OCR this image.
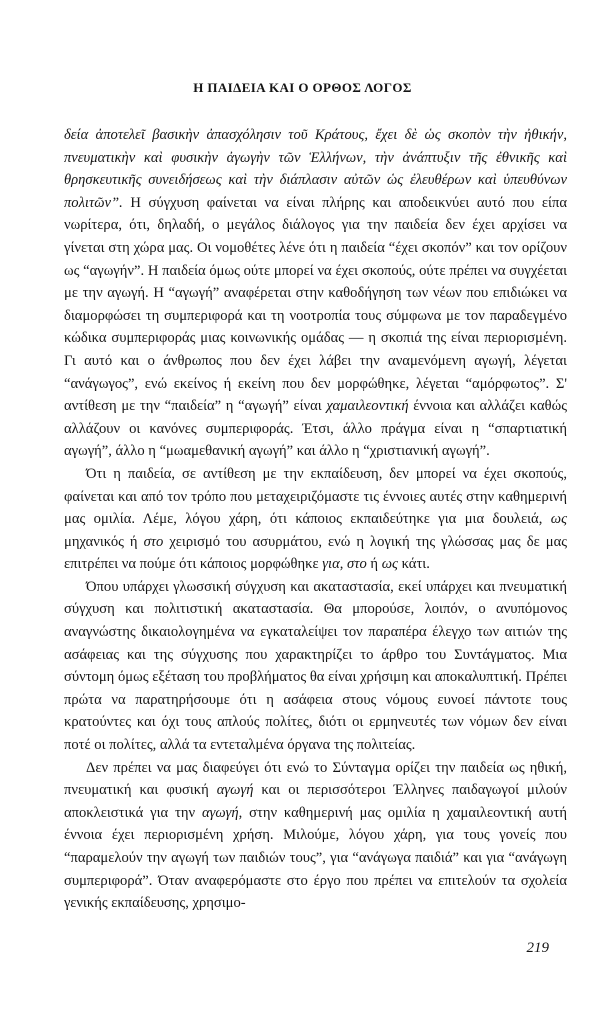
Η ΠΑΙΔΕΙΑ ΚΑΙ Ο ΟΡΘΟΣ ΛΟΓΟΣ

δεία ἀποτελεῖ βασικὴν ἀπασχόλησιν τοῦ Κράτους, ἔχει δὲ ὡς σκοπὸν τὴν ἠθικήν, πνευματικὴν καὶ φυσικὴν ἀγωγὴν τῶν Ἑλλήνων, τὴν ἀνάπτυξιν τῆς ἐθνικῆς καὶ θρησκευτικῆς συνειδήσεως καὶ τὴν διάπλασιν αὐτῶν ὡς ἐλευθέρων καὶ ὑπευθύνων πολιτῶν”. Η σύγχυση φαίνεται να είναι πλήρης και αποδεικνύει αυτό που είπα νωρίτερα, ότι, δηλαδή, ο μεγάλος διάλογος για την παιδεία δεν έχει αρχίσει να γίνεται στη χώρα μας. Οι νομοθέτες λένε ότι η παιδεία “έχει σκοπόν” και τον ορίζουν ως “αγωγήν”. Η παιδεία όμως ούτε μπορεί να έχει σκοπούς, ούτε πρέπει να συγχέεται με την αγωγή. Η “αγωγή” αναφέρεται στην καθοδήγηση των νέων που επιδιώκει να διαμορφώσει τη συμπεριφορά και τη νοοτροπία τους σύμφωνα με τον παραδεγμένο κώδικα συμπεριφοράς μιας κοινωνικής ομάδας — η σκοπιά της είναι περιορισμένη. Γι αυτό και ο άνθρωπος που δεν έχει λάβει την αναμενόμενη αγωγή, λέγεται “ανάγωγος”, ενώ εκείνος ή εκείνη που δεν μορφώθηκε, λέγεται “αμόρφωτος”. Σ' αντίθεση με την “παιδεία” η “αγωγή” είναι χαμαιλεοντική έννοια και αλλάζει καθώς αλλάζουν οι κανόνες συμπεριφοράς. Έτσι, άλλο πράγμα είναι η “σπαρτιατική αγωγή”, άλλο η “μωαμεθανική αγωγή” και άλλο η “χριστιανική αγωγή”.

Ότι η παιδεία, σε αντίθεση με την εκπαίδευση, δεν μπορεί να έχει σκοπούς, φαίνεται και από τον τρόπο που μεταχειριζόμαστε τις έννοιες αυτές στην καθημερινή μας ομιλία. Λέμε, λόγου χάρη, ότι κάποιος εκπαιδεύτηκε για μια δουλειά, ως μηχανικός ή στο χειρισμό του ασυρμάτου, ενώ η λογική της γλώσσας μας δε μας επιτρέπει να πούμε ότι κάποιος μορφώθηκε για, στο ή ως κάτι.

Όπου υπάρχει γλωσσική σύγχυση και ακαταστασία, εκεί υπάρχει και πνευματική σύγχυση και πολιτιστική ακαταστασία. Θα μπορούσε, λοιπόν, ο ανυπόμονος αναγνώστης δικαιολογημένα να εγκαταλείψει τον παραπέρα έλεγχο των αιτιών της ασάφειας και της σύγχυσης που χαρακτηρίζει το άρθρο του Συντάγματος. Μια σύντομη όμως εξέταση του προβλήματος θα είναι χρήσιμη και αποκαλυπτική. Πρέπει πρώτα να παρατηρήσουμε ότι η ασάφεια στους νόμους ευνοεί πάντοτε τους κρατούντες και όχι τους απλούς πολίτες, διότι οι ερμηνευτές των νόμων δεν είναι ποτέ οι πολίτες, αλλά τα εντεταλμένα όργανα της πολιτείας.

Δεν πρέπει να μας διαφεύγει ότι ενώ το Σύνταγμα ορίζει την παιδεία ως ηθική, πνευματική και φυσική αγωγή και οι περισσότεροι Έλληνες παιδαγωγοί μιλούν αποκλειστικά για την αγωγή, στην καθημερινή μας ομιλία η χαμαιλεοντική αυτή έννοια έχει περιορισμένη χρήση. Μιλούμε, λόγου χάρη, για τους γονείς που “παραμελούν την αγωγή των παιδιών τους”, για “ανάγωγα παιδιά” και για “ανάγωγη συμπεριφορά”. Όταν αναφερόμαστε στο έργο που πρέπει να επιτελούν τα σχολεία γενικής εκπαίδευσης, χρησιμο-

219
